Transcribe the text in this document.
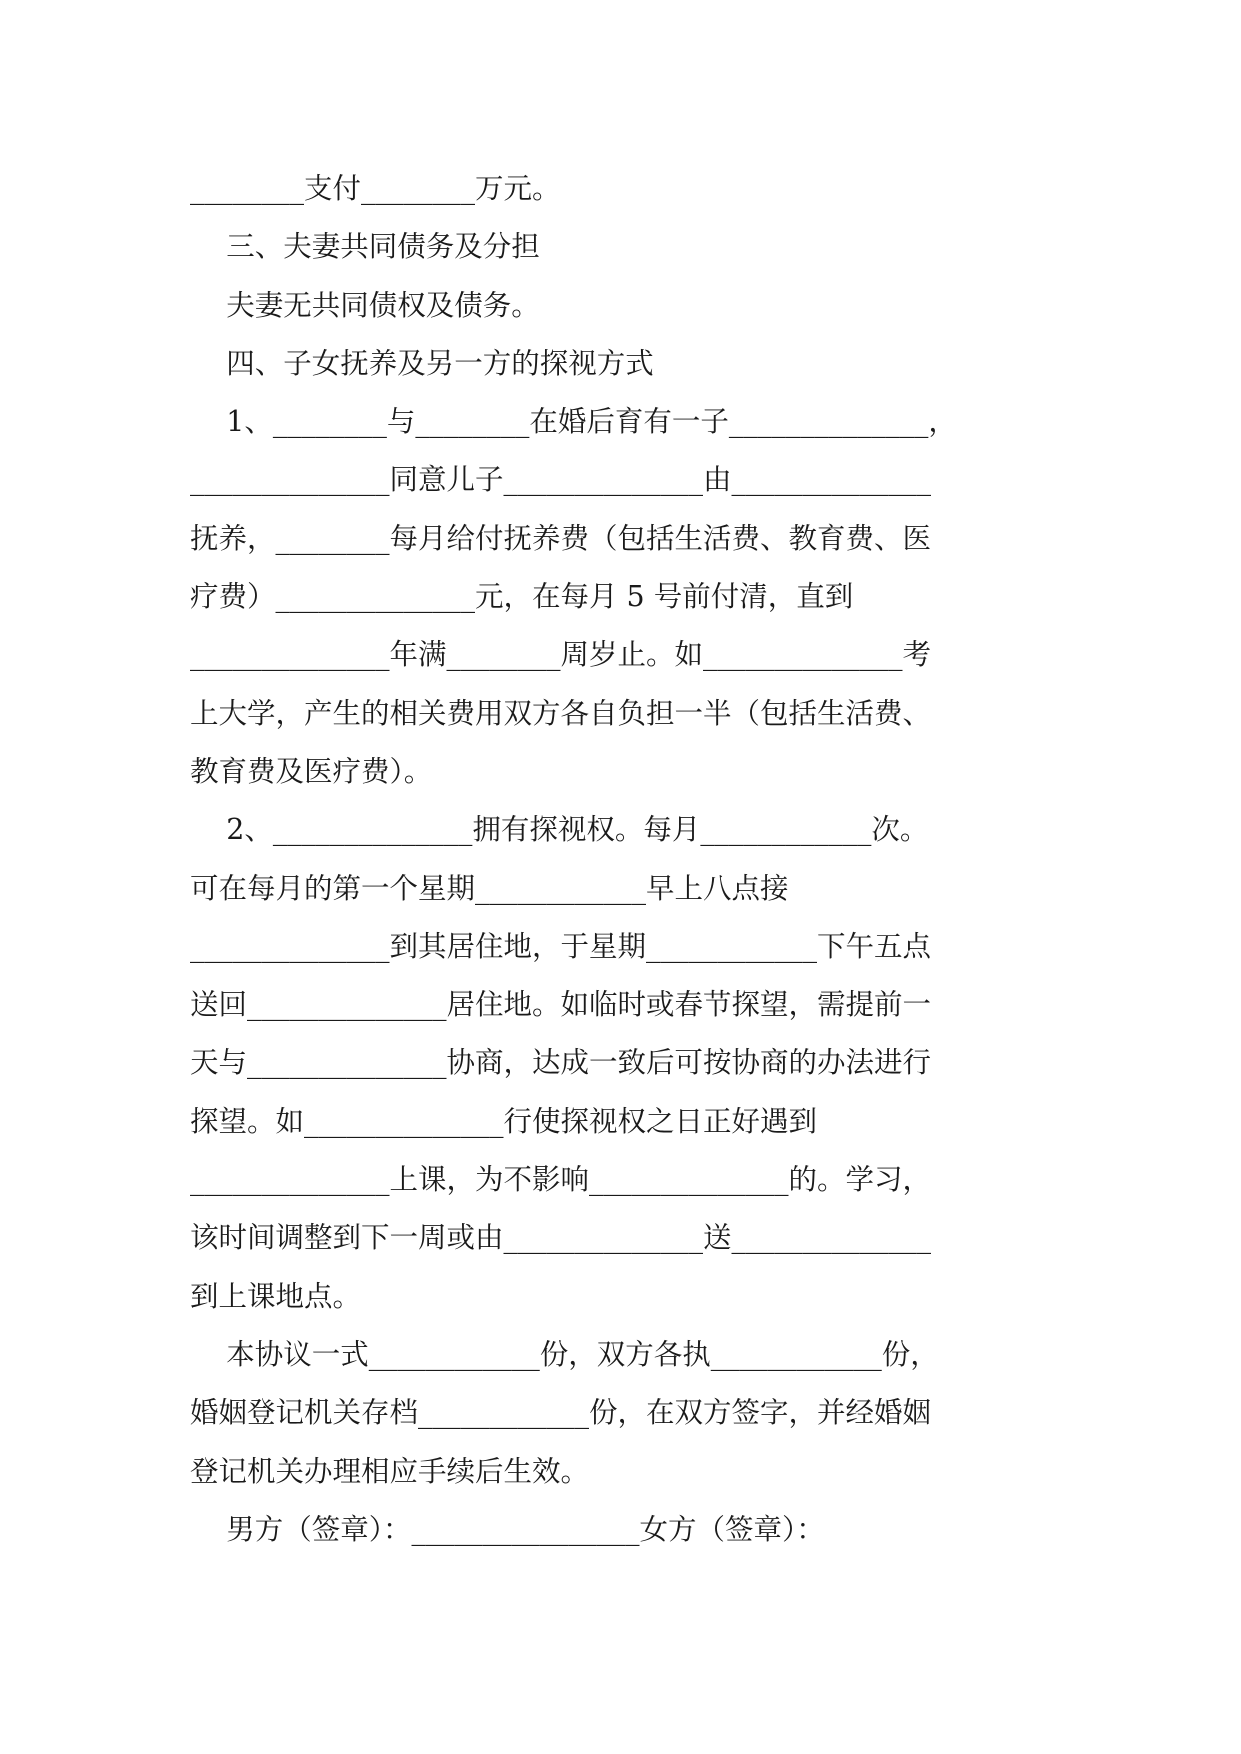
________支付________万元。
三、夫妻共同债务及分担
夫妻无共同债权及债务。
四、子女抚养及另一方的探视方式
1、________与________在婚后育有一子______________，
______________同意儿子______________由______________
抚养，________每月给付抚养费（包括生活费、教育费、医
疗费）______________元，在每月 5 号前付清，直到
______________年满________周岁止。如______________考
上大学，产生的相关费用双方各自负担一半（包括生活费、
教育费及医疗费）。
2、______________拥有探视权。每月____________次。
可在每月的第一个星期____________早上八点接
______________到其居住地，于星期____________下午五点
送回______________居住地。如临时或春节探望，需提前一
天与______________协商，达成一致后可按协商的办法进行
探望。如______________行使探视权之日正好遇到
______________上课，为不影响______________的。学习，
该时间调整到下一周或由______________送______________
到上课地点。
本协议一式____________份，双方各执____________份，
婚姻登记机关存档____________份，在双方签字，并经婚姻
登记机关办理相应手续后生效。
男方（签章）：________________女方（签章）：
